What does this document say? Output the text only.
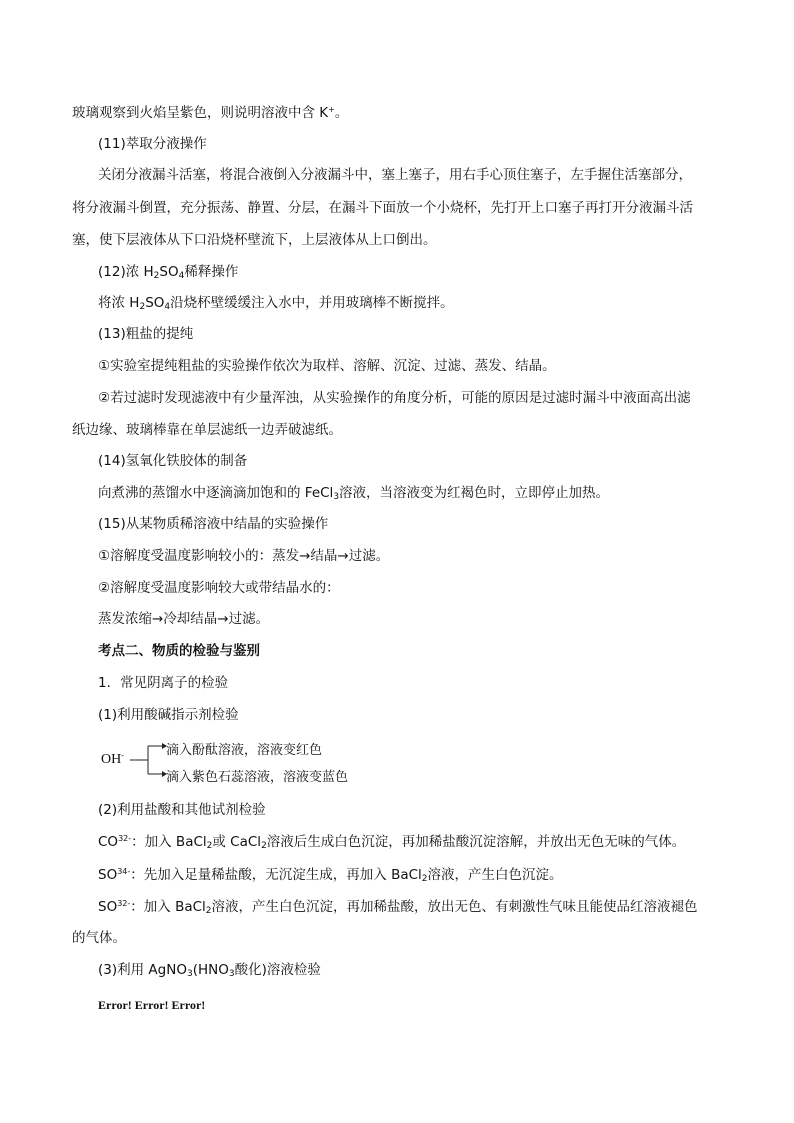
玻璃观察到火焰呈紫色，则说明溶液中含 K+。
(11)萃取分液操作
关闭分液漏斗活塞，将混合液倒入分液漏斗中，塞上塞子，用右手心顶住塞子，左手握住活塞部分，
将分液漏斗倒置，充分振荡、静置、分层，在漏斗下面放一个小烧杯，先打开上口塞子再打开分液漏斗活
塞，使下层液体从下口沿烧杯壁流下，上层液体从上口倒出。
(12)浓 $H_2SO_4$稀释操作
将浓 $H_2SO_4$沿烧杯壁缓缓注入水中，并用玻璃棒不断搅拌。
(13)粗盐的提纯
①实验室提纯粗盐的实验操作依次为取样、溶解、沉淀、过滤、蒸发、结晶。
②若过滤时发现滤液中有少量浑浊，从实验操作的角度分析，可能的原因是过滤时漏斗中液面高出滤
纸边缘、玻璃棒靠在单层滤纸一边弄破滤纸。
(14)氢氧化铁胶体的制备
向煮沸的蒸馏水中逐滴滴加饱和的 FeCl$_3$溶液，当溶液变为红褐色时，立即停止加热。
(15)从某物质稀溶液中结晶的实验操作
①溶解度受温度影响较小的：蒸发→结晶→过滤。
②溶解度受温度影响较大或带结晶水的：
蒸发浓缩→冷却结晶→过滤。
考点二、物质的检验与鉴别
1．常见阴离子的检验
(1)利用酸碱指示剂检验
OH-	滴入酚酞溶液，溶液变红色
滴入紫色石蕊溶液，溶液变蓝色
(2)利用盐酸和其他试剂检验
$CO^{32-}$：加入 BaCl$_2$或 CaCl$_2$溶液后生成白色沉淀，再加稀盐酸沉淀溶解，并放出无色无味的气体。
$SO^{34-}$：先加入足量稀盐酸，无沉淀生成，再加入 BaCl$_2$溶液，产生白色沉淀。
$SO^{32-}$：加入 BaCl$_2$溶液，产生白色沉淀，再加稀盐酸，放出无色、有刺激性气味且能使品红溶液褪色
的气体。
(3)利用 $AgNO_3(HNO_3$酸化)溶液检验
Error! Error! Error!
